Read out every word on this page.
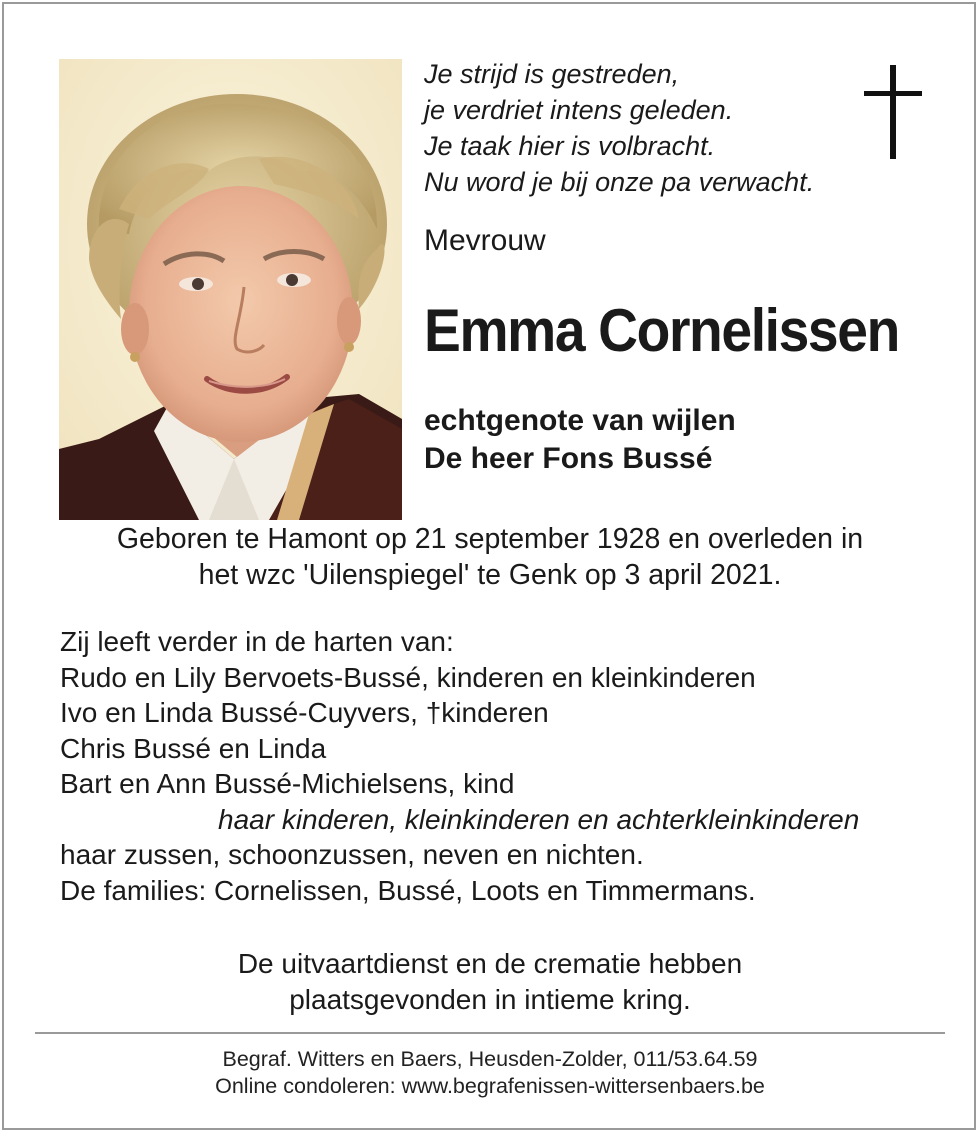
Je strijd is gestreden,
je verdriet intens geleden.
Je taak hier is volbracht.
Nu word je bij onze pa verwacht.
Mevrouw
Emma Cornelissen
echtgenote van wijlen
De heer Fons Bussé
Geboren te Hamont op 21 september 1928 en overleden in
het wzc 'Uilenspiegel' te Genk op 3 april 2021.
Zij leeft verder in de harten van:
Rudo en Lily Bervoets-Bussé, kinderen en kleinkinderen
Ivo en Linda Bussé-Cuyvers, †kinderen
Chris Bussé en Linda
Bart en Ann Bussé-Michielsens, kind
haar kinderen, kleinkinderen en achterkleinkinderen
haar zussen, schoonzussen, neven en nichten.
De families: Cornelissen, Bussé, Loots en Timmermans.
De uitvaartdienst en de crematie hebben
plaatsgevonden in intieme kring.
Begraf. Witters en Baers, Heusden-Zolder, 011/53.64.59
Online condoleren: www.begrafenissen-wittersenbaers.be
